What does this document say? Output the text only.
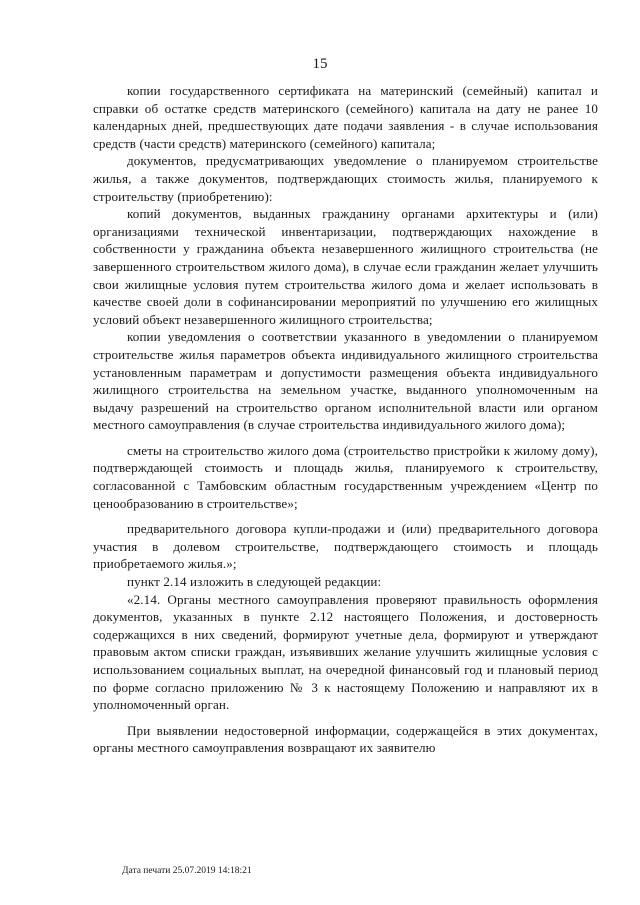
15

копии государственного сертификата на материнский (семейный) капитал и справки об остатке средств материнского (семейного) капитала на дату не ранее 10 календарных дней, предшествующих дате подачи заявления - в случае использования средств (части средств) материнского (семейного) капитала;

документов, предусматривающих уведомление о планируемом строительстве жилья, а также документов, подтверждающих стоимость жилья, планируемого к строительству (приобретению):

копий документов, выданных гражданину органами архитектуры и (или) организациями технической инвентаризации, подтверждающих нахождение в собственности у гражданина объекта незавершенного жилищного строительства (не завершенного строительством жилого дома), в случае если гражданин желает улучшить свои жилищные условия путем строительства жилого дома и желает использовать в качестве своей доли в софинансировании мероприятий по улучшению его жилищных условий объект незавершенного жилищного строительства;

копии уведомления о соответствии указанного в уведомлении о планируемом строительстве жилья параметров объекта индивидуального жилищного строительства установленным параметрам и допустимости размещения объекта индивидуального жилищного строительства на земельном участке, выданного уполномоченным на выдачу разрешений на строительство органом исполнительной власти или органом местного самоуправления (в случае строительства индивидуального жилого дома);

сметы на строительство жилого дома (строительство пристройки к жилому дому), подтверждающей стоимость и площадь жилья, планируемого к строительству, согласованной с Тамбовским областным государственным учреждением «Центр по ценообразованию в строительстве»;

предварительного договора купли-продажи и (или) предварительного договора участия в долевом строительстве, подтверждающего стоимость и площадь приобретаемого жилья.»;

пункт 2.14 изложить в следующей редакции:

«2.14. Органы местного самоуправления проверяют правильность оформления документов, указанных в пункте 2.12 настоящего Положения, и достоверность содержащихся в них сведений, формируют учетные дела, формируют и утверждают правовым актом списки граждан, изъявивших желание улучшить жилищные условия с использованием социальных выплат, на очередной финансовый год и плановый период по форме согласно приложению № 3 к настоящему Положению и направляют их в уполномоченный орган.

При выявлении недостоверной информации, содержащейся в этих документах, органы местного самоуправления возвращают их заявителю

Дата печати 25.07.2019 14:18:21
